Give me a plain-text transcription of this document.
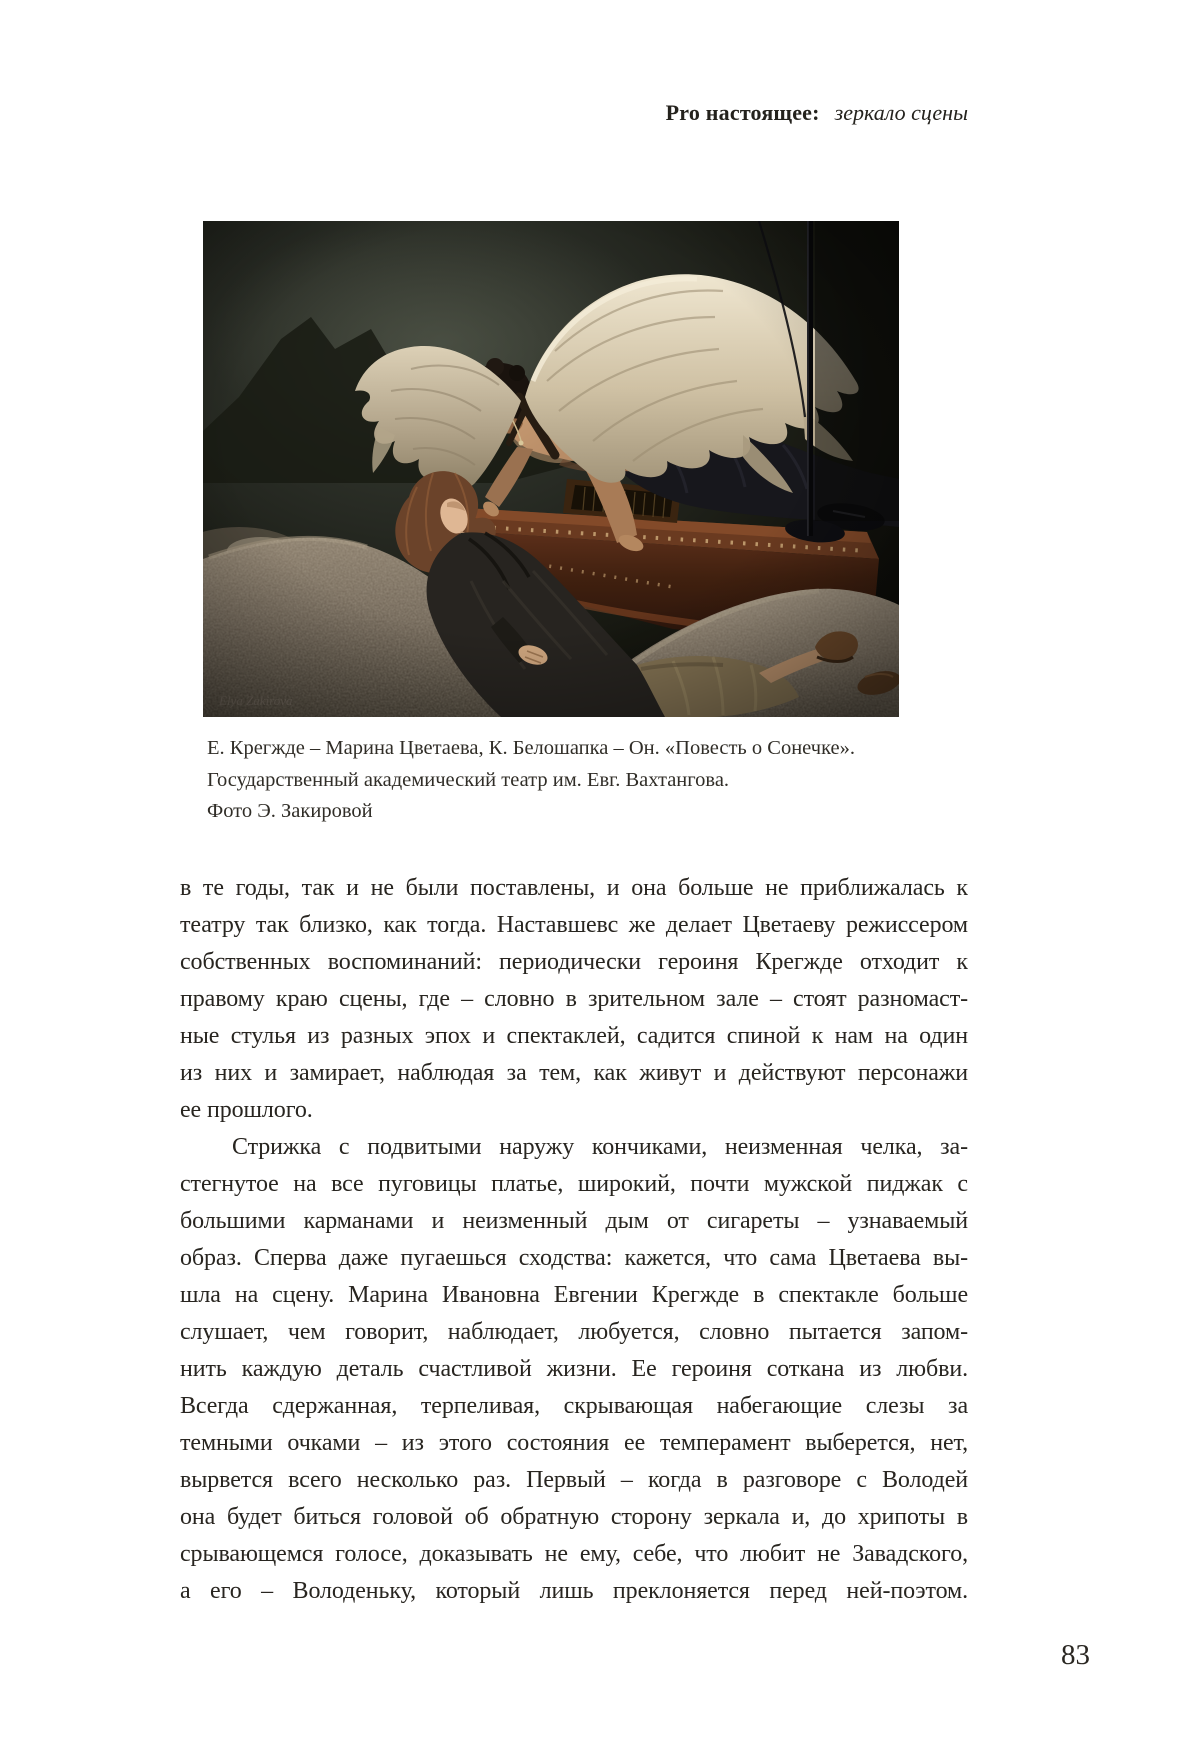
Pro настоящее: зеркало сцены
Е. Крегжде – Марина Цветаева, К. Белошапка – Он. «Повесть о Сонечке».
Государственный академический театр им. Евг. Вахтангова.
Фото Э. Закировой
в те годы, так и не были поставлены, и она больше не приближалась к
театру так близко, как тогда. Наставшевс же делает Цветаеву режиссером
собственных воспоминаний: периодически героиня Крегжде отходит к
правому краю сцены, где – словно в зрительном зале – стоят разномаст-
ные стулья из разных эпох и спектаклей, садится спиной к нам на один
из них и замирает, наблюдая за тем, как живут и действуют персонажи
ее прошлого.
Стрижка с подвитыми наружу кончиками, неизменная челка, за-
стегнутое на все пуговицы платье, широкий, почти мужской пиджак с
большими карманами и неизменный дым от сигареты – узнаваемый
образ. Сперва даже пугаешься сходства: кажется, что сама Цветаева вы-
шла на сцену. Марина Ивановна Евгении Крегжде в спектакле больше
слушает, чем говорит, наблюдает, любуется, словно пытается запом-
нить каждую деталь счастливой жизни. Ее героиня соткана из любви.
Всегда сдержанная, терпеливая, скрывающая набегающие слезы за
темными очками – из этого состояния ее темперамент выберется, нет,
вырвется всего несколько раз. Первый – когда в разговоре с Володей
она будет биться головой об обратную сторону зеркала и, до хрипоты в
срывающемся голосе, доказывать не ему, себе, что любит не Завадского,
а его – Володеньку, который лишь преклоняется перед ней-поэтом.
83
